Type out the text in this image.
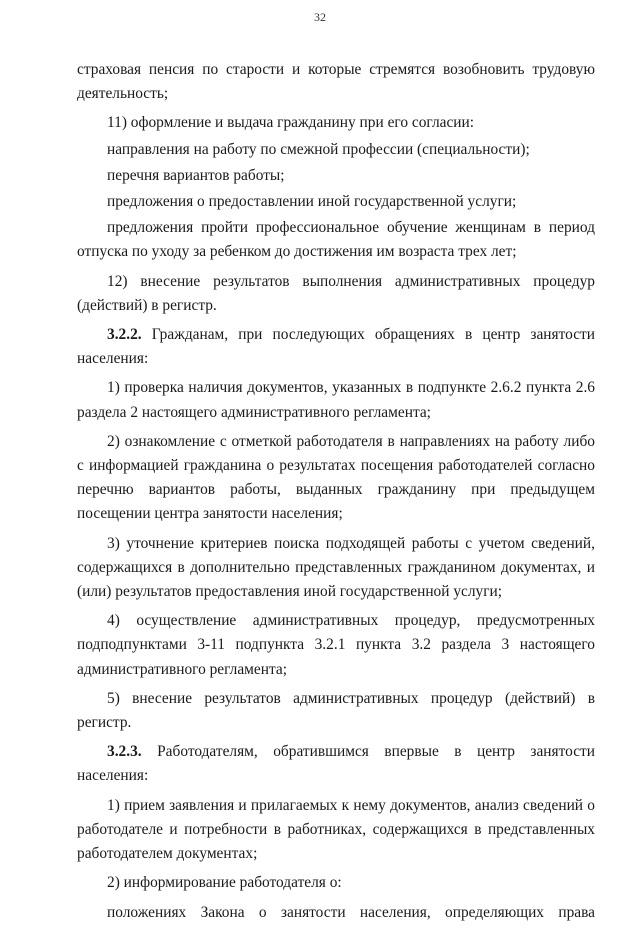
32

страховая пенсия по старости и которые стремятся возобновить трудовую деятельность;

11) оформление и выдача гражданину при его согласии:

направления на работу по смежной профессии (специальности);

перечня вариантов работы;

предложения о предоставлении иной государственной услуги;

предложения пройти профессиональное обучение женщинам в период отпуска по уходу за ребенком до достижения им возраста трех лет;

12) внесение результатов выполнения административных процедур (действий) в регистр.

3.2.2. Гражданам, при последующих обращениях в центр занятости населения:

1) проверка наличия документов, указанных в подпункте 2.6.2 пункта 2.6 раздела 2 настоящего административного регламента;

2) ознакомление с отметкой работодателя в направлениях на работу либо с информацией гражданина о результатах посещения работодателей согласно перечню вариантов работы, выданных гражданину при предыдущем посещении центра занятости населения;

3) уточнение критериев поиска подходящей работы с учетом сведений, содержащихся в дополнительно представленных гражданином документах, и (или) результатов предоставления иной государственной услуги;

4) осуществление административных процедур, предусмотренных подподпунктами 3-11 подпункта 3.2.1 пункта 3.2 раздела 3 настоящего административного регламента;

5) внесение результатов административных процедур (действий) в регистр.

3.2.3. Работодателям, обратившимся впервые в центр занятости населения:

1) прием заявления и прилагаемых к нему документов, анализ сведений о работодателе и потребности в работниках, содержащихся в представленных работодателем документах;

2) информирование работодателя о:

положениях Закона о занятости населения, определяющих права
